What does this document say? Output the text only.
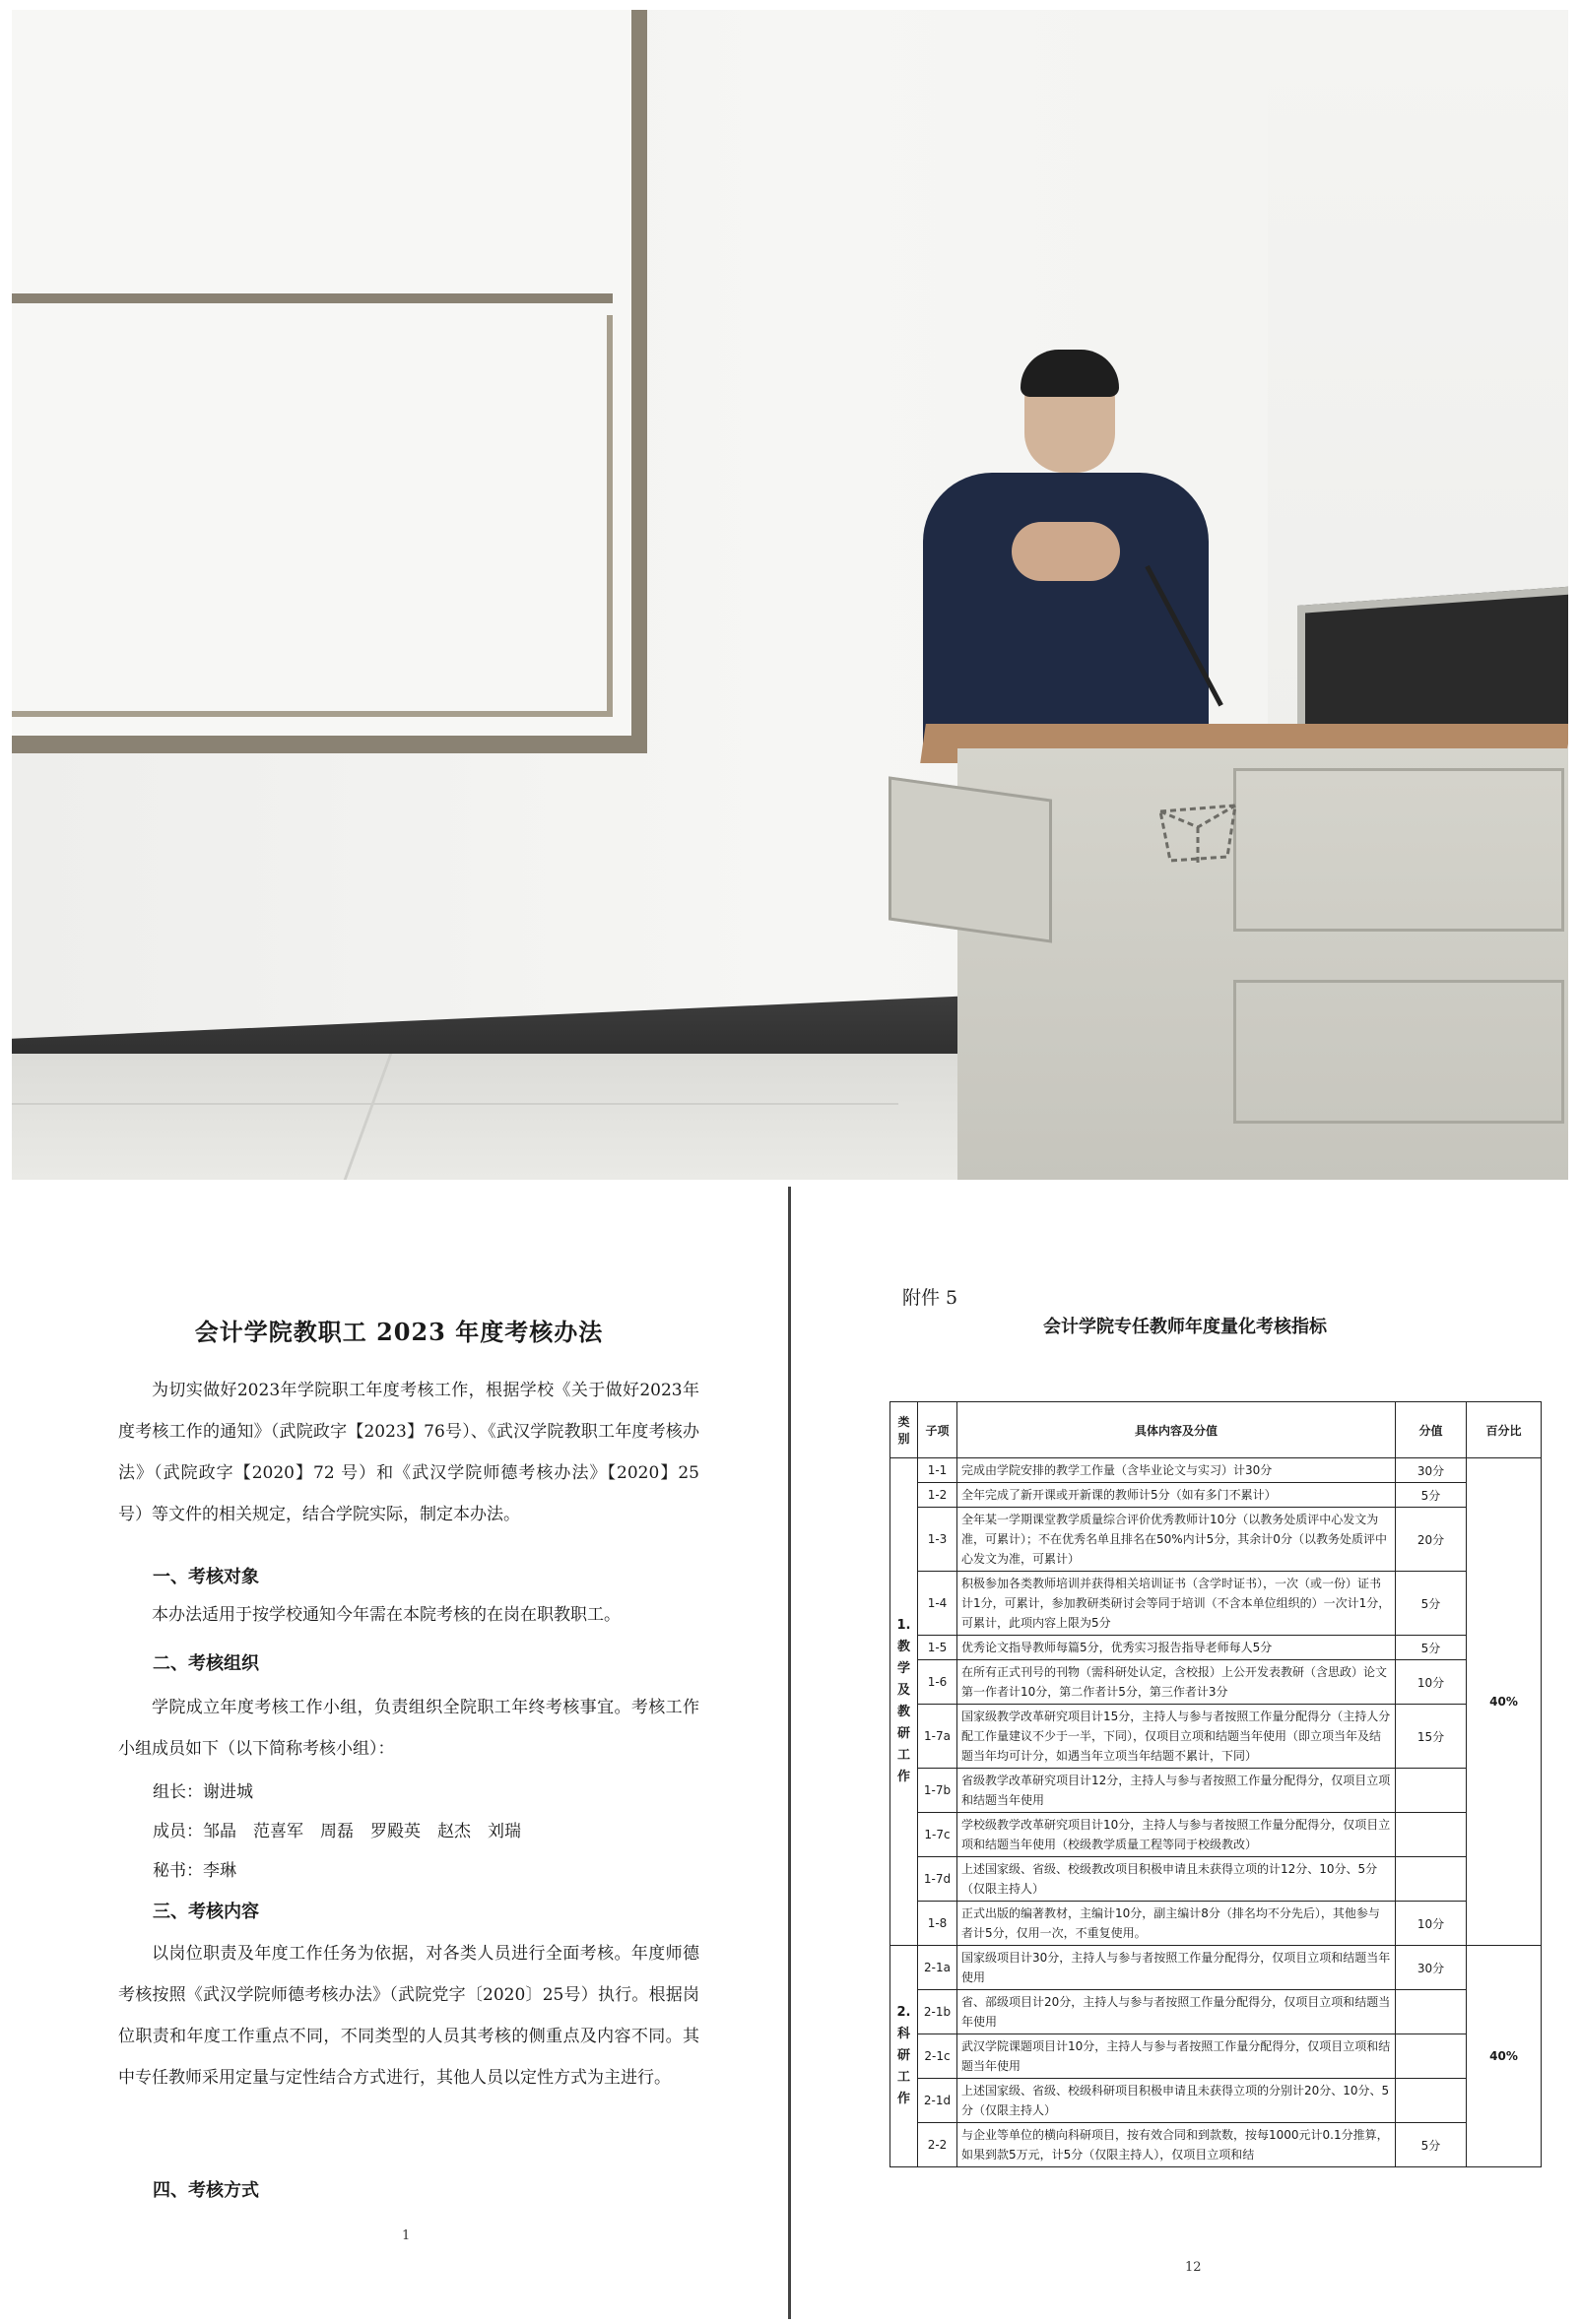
会计学院教职工 2023 年度考核办法
为切实做好2023年学院职工年度考核工作，根据学校《关于做好2023年度考核工作的通知》（武院政字【2023】76号）、《武汉学院教职工年度考核办法》（武院政字【2020】72 号）和《武汉学院师德考核办法》【2020】25 号）等文件的相关规定，结合学院实际，制定本办法。
一、考核对象
本办法适用于按学校通知今年需在本院考核的在岗在职教职工。
二、考核组织
学院成立年度考核工作小组，负责组织全院职工年终考核事宜。考核工作小组成员如下（以下简称考核小组）：
组长：谢进城
成员：邹晶　范喜军　周磊　罗殿英　赵杰　刘瑞
秘书：李琳
三、考核内容
以岗位职责及年度工作任务为依据，对各类人员进行全面考核。年度师德考核按照《武汉学院师德考核办法》（武院党字〔2020〕25号）执行。根据岗位职责和年度工作重点不同，不同类型的人员其考核的侧重点及内容不同。其中专任教师采用定量与定性结合方式进行，其他人员以定性方式为主进行。
四、考核方式
1
附件 5
会计学院专任教师年度量化考核指标
类别	子项	具体内容及分值	分值	百分比
1.教学及教研工作	1-1	完成由学院安排的教学工作量（含毕业论文与实习）计30分	30分	40%
	1-2	全年完成了新开课或开新课的教师计5分（如有多门不累计）	5分	
	1-3	全年某一学期课堂教学质量综合评价优秀教师计10分（以教务处质评中心发文为准，可累计）；不在优秀名单且排名在50%内计5分，其余计0分（以教务处质评中心发文为准，可累计）	20分	
	1-4	积极参加各类教师培训并获得相关培训证书（含学时证书），一次（或一份）证书计1分，可累计，参加教研类研讨会等同于培训（不含本单位组织的）一次计1分，可累计，此项内容上限为5分	5分	
	1-5	优秀论文指导教师每篇5分，优秀实习报告指导老师每人5分	5分	
	1-6	在所有正式刊号的刊物（需科研处认定，含校报）上公开发表教研（含思政）论文第一作者计10分，第二作者计5分，第三作者计3分	10分	
	1-7a	国家级教学改革研究项目计15分，主持人与参与者按照工作量分配得分（主持人分配工作量建议不少于一半，下同），仅项目立项和结题当年使用（即立项当年及结题当年均可计分，如遇当年立项当年结题不累计，下同）	15分	
	1-7b	省级教学改革研究项目计12分，主持人与参与者按照工作量分配得分，仅项目立项和结题当年使用		
	1-7c	学校级教学改革研究项目计10分，主持人与参与者按照工作量分配得分，仅项目立项和结题当年使用（校级教学质量工程等同于校级教改）		
	1-7d	上述国家级、省级、校级教改项目积极申请且未获得立项的计12分、10分、5分（仅限主持人）		
	1-8	正式出版的编著教材，主编计10分，副主编计8分（排名均不分先后），其他参与者计5分，仅用一次，不重复使用。	10分	
2.科研工作	2-1a	国家级项目计30分，主持人与参与者按照工作量分配得分，仅项目立项和结题当年使用	30分	40%
	2-1b	省、部级项目计20分，主持人与参与者按照工作量分配得分，仅项目立项和结题当年使用		
	2-1c	武汉学院课题项目计10分，主持人与参与者按照工作量分配得分，仅项目立项和结题当年使用		
	2-1d	上述国家级、省级、校级科研项目积极申请且未获得立项的分别计20分、10分、5分（仅限主持人）		
	2-2	与企业等单位的横向科研项目，按有效合同和到款数，按每1000元计0.1分推算，如果到款5万元，计5分（仅限主持人），仅项目立项和结	5分	
12
